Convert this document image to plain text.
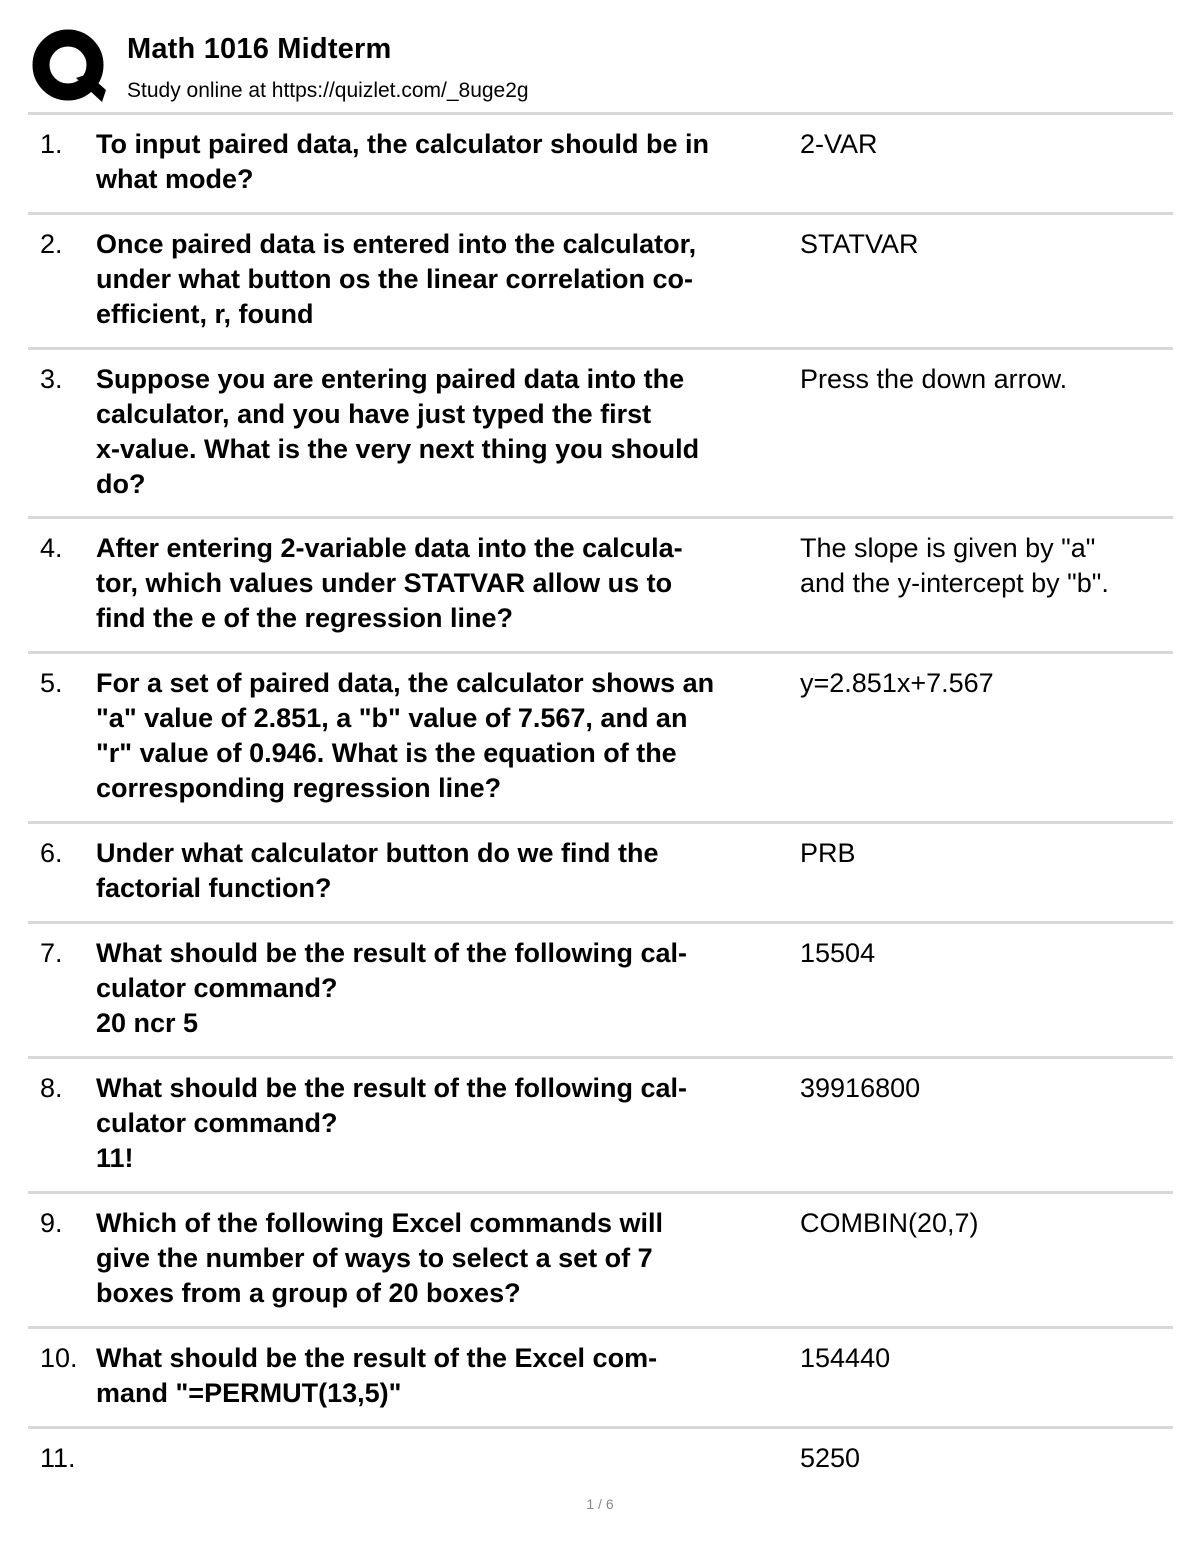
Math 1016 Midterm
Study online at https://quizlet.com/_8uge2g
1. To input paired data, the calculator should be in
what mode?
2-VAR
2. Once paired data is entered into the calculator,
under what button os the linear correlation co-
efficient, r, found
STATVAR
3. Suppose you are entering paired data into the
calculator, and you have just typed the first
x-value. What is the very next thing you should
do?
Press the down arrow.
4. After entering 2-variable data into the calcula-
tor, which values under STATVAR allow us to
find the e of the regression line?
The slope is given by "a"
and the y-intercept by "b".
5. For a set of paired data, the calculator shows an
"a" value of 2.851, a "b" value of 7.567, and an
"r" value of 0.946. What is the equation of the
corresponding regression line?
y=2.851x+7.567
6. Under what calculator button do we find the
factorial function?
PRB
7. What should be the result of the following cal-
culator command?
20 ncr 5
15504
8. What should be the result of the following cal-
culator command?
11!
39916800
9. Which of the following Excel commands will
give the number of ways to select a set of 7
boxes from a group of 20 boxes?
COMBIN(20,7)
10. What should be the result of the Excel com-
mand "=PERMUT(13,5)"
154440
11.	5250
1 / 6
